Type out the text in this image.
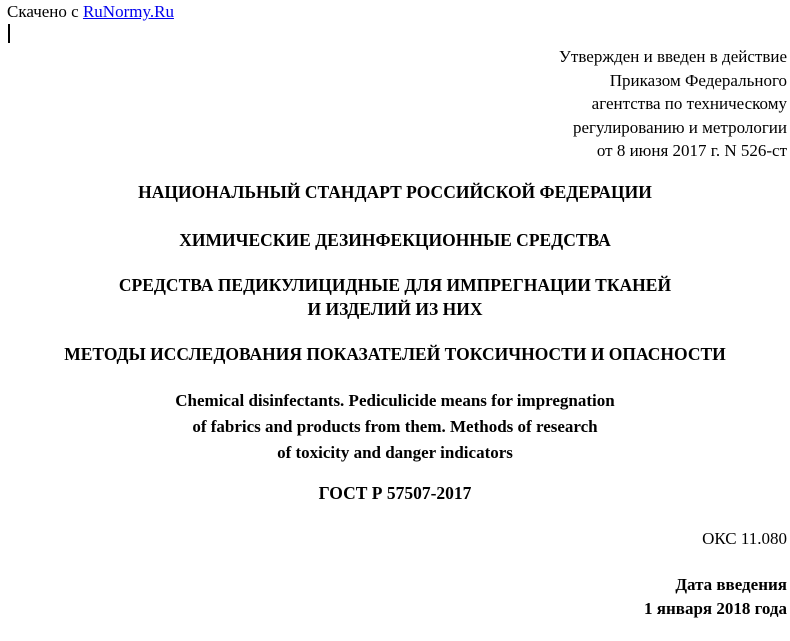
Скачено с RuNormy.Ru
Утвержден и введен в действие
Приказом Федерального
агентства по техническому
регулированию и метрологии
от 8 июня 2017 г. N 526-ст
НАЦИОНАЛЬНЫЙ СТАНДАРТ РОССИЙСКОЙ ФЕДЕРАЦИИ
ХИМИЧЕСКИЕ ДЕЗИНФЕКЦИОННЫЕ СРЕДСТВА
СРЕДСТВА ПЕДИКУЛИЦИДНЫЕ ДЛЯ ИМПРЕГНАЦИИ ТКАНЕЙ
И ИЗДЕЛИЙ ИЗ НИХ
МЕТОДЫ ИССЛЕДОВАНИЯ ПОКАЗАТЕЛЕЙ ТОКСИЧНОСТИ И ОПАСНОСТИ
Chemical disinfectants. Pediculicide means for impregnation
of fabrics and products from them. Methods of research
of toxicity and danger indicators
ГОСТ Р 57507-2017
ОКС 11.080
Дата введения
1 января 2018 года
